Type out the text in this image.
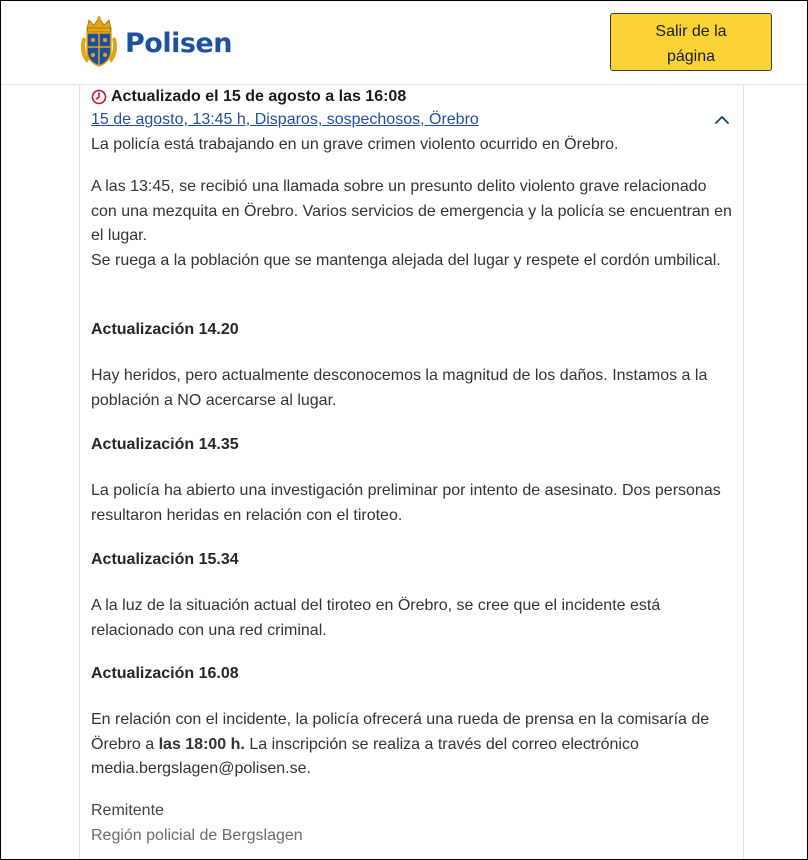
Polisen	Salir de la página
Actualizado el 15 de agosto a las 16:08
15 de agosto, 13:45 h, Disparos, sospechosos, Örebro

La policía está trabajando en un grave crimen violento ocurrido en Örebro.

A las 13:45, se recibió una llamada sobre un presunto delito violento grave relacionado con una mezquita en Örebro. Varios servicios de emergencia y la policía se encuentran en el lugar.

Se ruega a la población que se mantenga alejada del lugar y respete el cordón umbilical.

Actualización 14.20

Hay heridos, pero actualmente desconocemos la magnitud de los daños. Instamos a la población a NO acercarse al lugar.

Actualización 14.35

La policía ha abierto una investigación preliminar por intento de asesinato. Dos personas resultaron heridas en relación con el tiroteo.

Actualización 15.34

A la luz de la situación actual del tiroteo en Örebro, se cree que el incidente está relacionado con una red criminal.

Actualización 16.08

En relación con el incidente, la policía ofrecerá una rueda de prensa en la comisaría de Örebro a las 18:00 h. La inscripción se realiza a través del correo electrónico media.bergslagen@polisen.se.

Remitente
Región policial de Bergslagen
